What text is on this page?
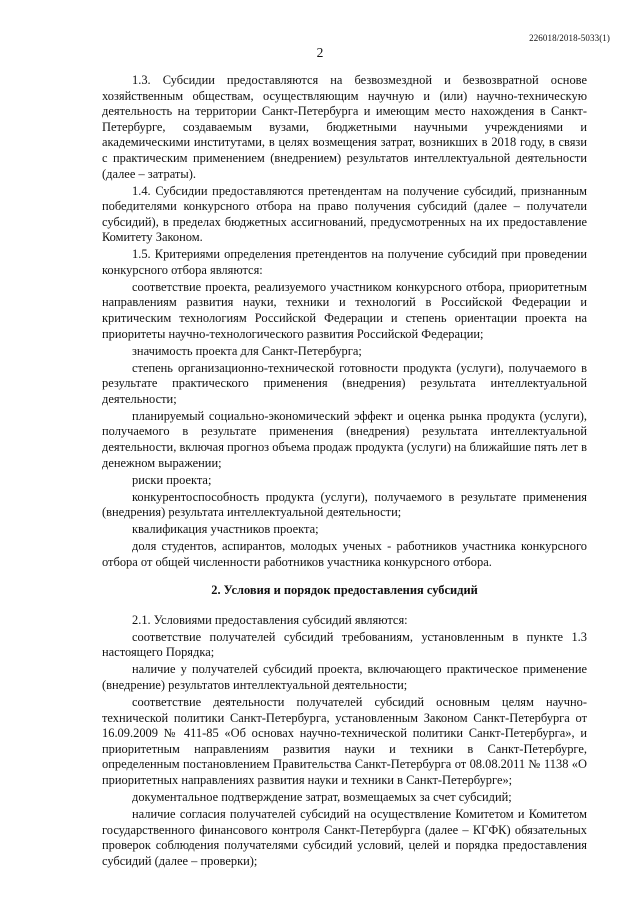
226018/2018-5033(1)
2

1.3. Субсидии предоставляются на безвозмездной и безвозвратной основе хозяйственным обществам, осуществляющим научную и (или) научно-техническую деятельность на территории Санкт-Петербурга и имеющим место нахождения в Санкт-Петербурге, создаваемым вузами, бюджетными научными учреждениями и академическими институтами, в целях возмещения затрат, возникших в 2018 году, в связи с практическим применением (внедрением) результатов интеллектуальной деятельности (далее – затраты).

1.4. Субсидии предоставляются претендентам на получение субсидий, признанным победителями конкурсного отбора на право получения субсидий (далее – получатели субсидий), в пределах бюджетных ассигнований, предусмотренных на их предоставление Комитету Законом.

1.5. Критериями определения претендентов на получение субсидий при проведении конкурсного отбора являются:

соответствие проекта, реализуемого участником конкурсного отбора, приоритетным направлениям развития науки, техники и технологий в Российской Федерации и критическим технологиям Российской Федерации и степень ориентации проекта на приоритеты научно-технологического развития Российской Федерации;

значимость проекта для Санкт-Петербурга;

степень организационно-технической готовности продукта (услуги), получаемого в результате практического применения (внедрения) результата интеллектуальной деятельности;

планируемый социально-экономический эффект и оценка рынка продукта (услуги), получаемого в результате применения (внедрения) результата интеллектуальной деятельности, включая прогноз объема продаж продукта (услуги) на ближайшие пять лет в денежном выражении;

риски проекта;

конкурентоспособность продукта (услуги), получаемого в результате применения (внедрения) результата интеллектуальной деятельности;

квалификация участников проекта;

доля студентов, аспирантов, молодых ученых - работников участника конкурсного отбора от общей численности работников участника конкурсного отбора.

2. Условия и порядок предоставления субсидий

2.1. Условиями предоставления субсидий являются:

соответствие получателей субсидий требованиям, установленным в пункте 1.3 настоящего Порядка;

наличие у получателей субсидий проекта, включающего практическое применение (внедрение) результатов интеллектуальной деятельности;

соответствие деятельности получателей субсидий основным целям научно-технической политики Санкт-Петербурга, установленным Законом Санкт-Петербурга от 16.09.2009 № 411-85 «Об основах научно-технической политики Санкт-Петербурга», и приоритетным направлениям развития науки и техники в Санкт-Петербурге, определенным постановлением Правительства Санкт-Петербурга от 08.08.2011 № 1138 «О приоритетных направлениях развития науки и техники в Санкт-Петербурге»;

документальное подтверждение затрат, возмещаемых за счет субсидий;

наличие согласия получателей субсидий на осуществление Комитетом и Комитетом государственного финансового контроля Санкт-Петербурга (далее – КГФК) обязательных проверок соблюдения получателями субсидий условий, целей и порядка предоставления субсидий (далее – проверки);
